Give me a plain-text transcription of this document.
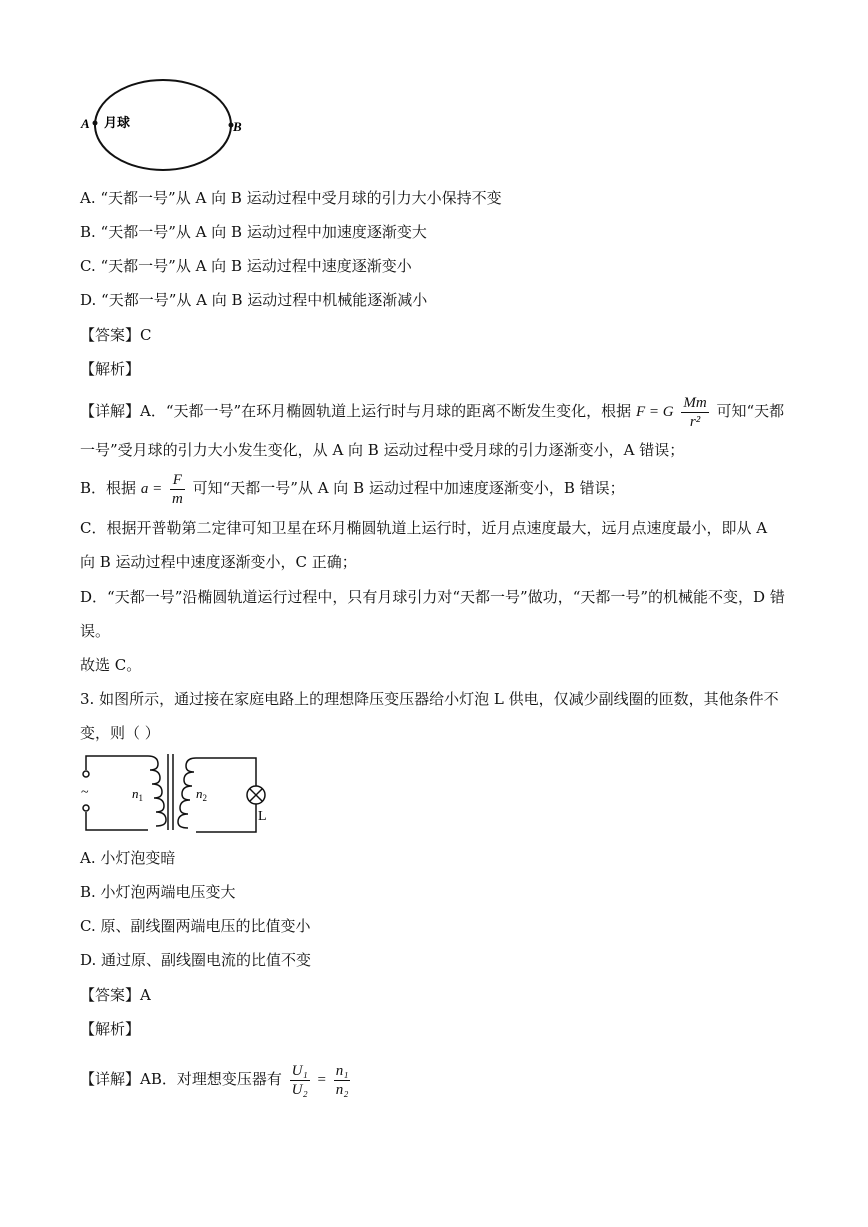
A	B
月球
A. “天都一号”从 A 向 B 运动过程中受月球的引力大小保持不变
B. “天都一号”从 A 向 B 运动过程中加速度逐渐变大
C. “天都一号”从 A 向 B 运动过程中速度逐渐变小
D. “天都一号”从 A 向 B 运动过程中机械能逐渐减小
【答案】C
【解析】
【详解】A．“天都一号”在环月椭圆轨道上运行时与月球的距离不断发生变化，根据 F = G $\frac{Mm}{\text{r²}}$ 可知“天都
一号”受月球的引力大小发生变化，从 A 向 B 运动过程中受月球的引力逐渐变小，A 错误；
B．根据 $a = \frac{F}{m}$ 可知“天都一号”从 A 向 B 运动过程中加速度逐渐变小，B 错误；
C．根据开普勒第二定律可知卫星在环月椭圆轨道上运行时，近月点速度最大，远月点速度最小，即从 A
向 B 运动过程中速度逐渐变小，C 正确；
D．“天都一号”沿椭圆轨道运行过程中，只有月球引力对“天都一号”做功，“天都一号”的机械能不变，D 错
误。
故选 C。
3. 如图所示，通过接在家庭电路上的理想降压变压器给小灯泡 L 供电，仅减少副线圈的匝数，其他条件不
变，则（ ）
~	$n_1$	$n_2$
L
A. 小灯泡变暗
B. 小灯泡两端电压变大
C. 原、副线圈两端电压的比值变小
D. 通过原、副线圈电流的比值不变
【答案】A
【解析】
【详解】AB．对理想变压器有 $\frac{\text{U₁}}{\text{U₂}} = \frac{\text{n₁}}{\text{n₂}}$
